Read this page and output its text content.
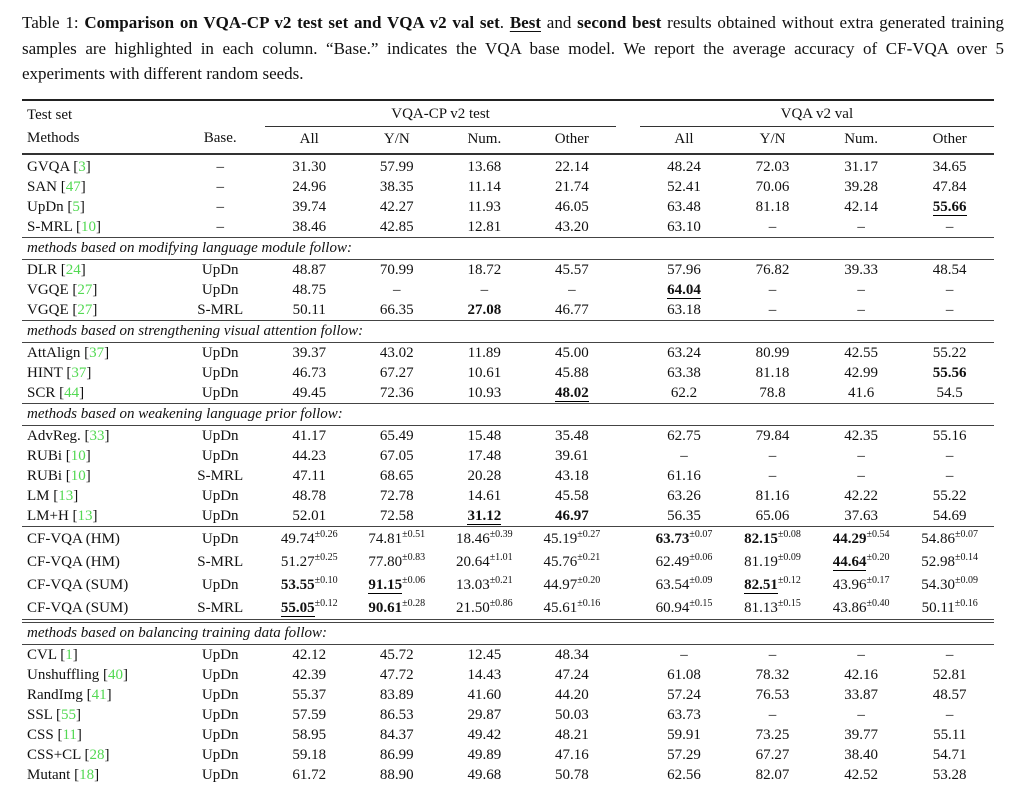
Table 1: Comparison on VQA-CP v2 test set and VQA v2 val set. Best and second best results obtained without extra generated training samples are highlighted in each column. “Base.” indicates the VQA base model. We report the average accuracy of CF-VQA over 5 experiments with different random seeds.
Test set		VQA-CP v2 test					VQA v2 val			
Methods	Base.	All	Y/N	Num.	Other		All	Y/N	Num.	Other
GVQA [3]	–	31.30	57.99	13.68	22.14		48.24	72.03	31.17	34.65
SAN [47]	–	24.96	38.35	11.14	21.74		52.41	70.06	39.28	47.84
UpDn [5]	–	39.74	42.27	11.93	46.05		63.48	81.18	42.14	55.66
S-MRL [10]	–	38.46	42.85	12.81	43.20		63.10	–	–	–
methods based on modifying language module follow:										
DLR [24]	UpDn	48.87	70.99	18.72	45.57		57.96	76.82	39.33	48.54
VGQE [27]	UpDn	48.75	–	–	–		64.04	–	–	–
VGQE [27]	S-MRL	50.11	66.35	27.08	46.77		63.18	–	–	–
methods based on strengthening visual attention follow:										
AttAlign [37]	UpDn	39.37	43.02	11.89	45.00		63.24	80.99	42.55	55.22
HINT [37]	UpDn	46.73	67.27	10.61	45.88		63.38	81.18	42.99	55.56
SCR [44]	UpDn	49.45	72.36	10.93	48.02		62.2	78.8	41.6	54.5
methods based on weakening language prior follow:										
AdvReg. [33]	UpDn	41.17	65.49	15.48	35.48		62.75	79.84	42.35	55.16
RUBi [10]	UpDn	44.23	67.05	17.48	39.61		–	–	–	–
RUBi [10]	S-MRL	47.11	68.65	20.28	43.18		61.16	–	–	–
LM [13]	UpDn	48.78	72.78	14.61	45.58		63.26	81.16	42.22	55.22
LM+H [13]	UpDn	52.01	72.58	31.12	46.97		56.35	65.06	37.63	54.69
CF-VQA (HM)	UpDn	$49.74^{\pm 0.26}$	$74.81^{\pm 0.51}$	$18.46^{\pm 0.39}$	$45.19^{\pm 0.27}$		$63.73^{\pm 0.07}$	$82.15^{\pm 0.08}$	$44.29^{\pm 0.54}$	$54.86^{\pm 0.07}$
CF-VQA (HM)	S-MRL	$51.27^{\pm 0.25}$	$77.80^{\pm 0.83}$	$20.64^{\pm 1.01}$	$45.76^{\pm 0.21}$		$62.49^{\pm 0.06}$	$81.19^{\pm 0.09}$	$44.64^{\pm 0.20}$	$52.98^{\pm 0.14}$
CF-VQA (SUM)	UpDn	$53.55^{\pm 0.10}$	$91.15^{\pm 0.06}$	$13.03^{\pm 0.21}$	$44.97^{\pm 0.20}$		$63.54^{\pm 0.09}$	$82.51^{\pm 0.12}$	$43.96^{\pm 0.17}$	$54.30^{\pm 0.09}$
CF-VQA (SUM)	S-MRL	$55.05^{\pm 0.12}$	$90.61^{\pm 0.28}$	$21.50^{\pm 0.86}$	$45.61^{\pm 0.16}$		$60.94^{\pm 0.15}$	$81.13^{\pm 0.15}$	$43.86^{\pm 0.40}$	$50.11^{\pm 0.16}$
methods based on balancing training data follow:										
CVL [1]	UpDn	42.12	45.72	12.45	48.34		–	–	–	–
Unshuffling [40]	UpDn	42.39	47.72	14.43	47.24		61.08	78.32	42.16	52.81
RandImg [41]	UpDn	55.37	83.89	41.60	44.20		57.24	76.53	33.87	48.57
SSL [55]	UpDn	57.59	86.53	29.87	50.03		63.73	–	–	–
CSS [11]	UpDn	58.95	84.37	49.42	48.21		59.91	73.25	39.77	55.11
CSS+CL [28]	UpDn	59.18	86.99	49.89	47.16		57.29	67.27	38.40	54.71
Mutant [18]	UpDn	61.72	88.90	49.68	50.78		62.56	82.07	42.52	53.28
